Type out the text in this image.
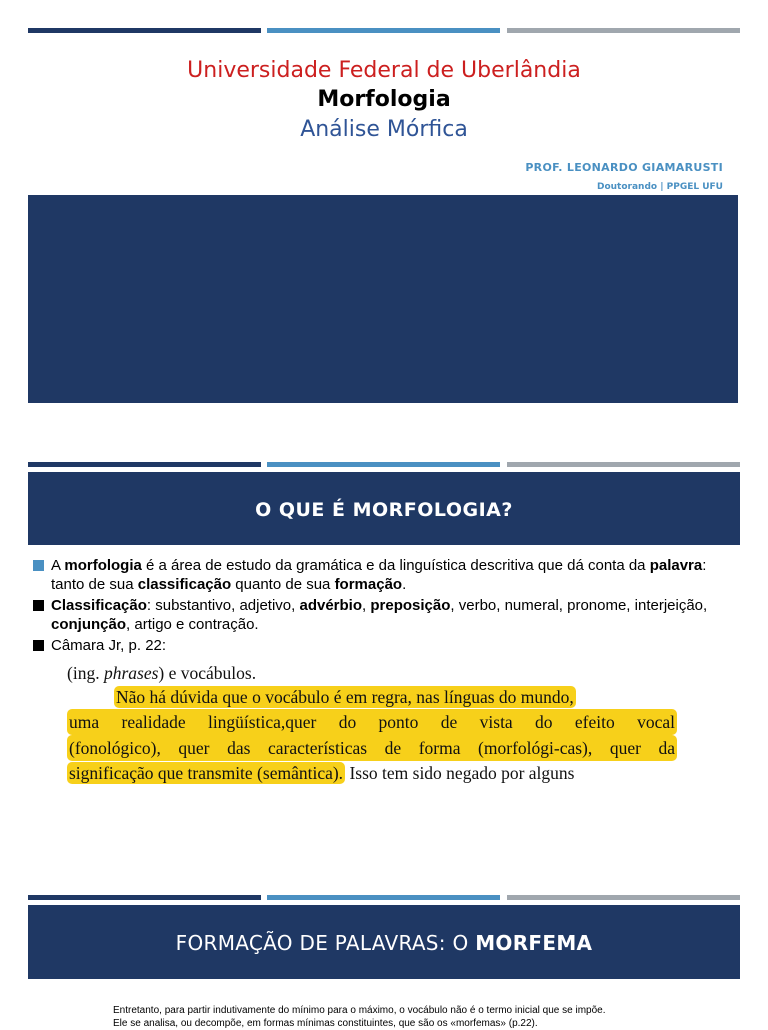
Universidade Federal de Uberlândia
Morfologia
Análise Mórfica
PROF. LEONARDO GIAMARUSTI
Doutorando | PPGEL UFU
O QUE É MORFOLOGIA?
A morfologia é a área de estudo da gramática e da linguística descritiva que dá conta da palavra: tanto de sua classificação quanto de sua formação.
Classificação: substantivo, adjetivo, advérbio, preposição, verbo, numeral, pronome, interjeição, conjunção, artigo e contração.
Câmara Jr, p. 22:
(ing. phrases) e vocábulos.
Não há dúvida que o vocábulo é em regra, nas línguas do mundo,
uma realidade lingüística,quer do ponto de vista do efeito vocal
(fonológico), quer das características de forma (morfológi-cas), quer da
significação que transmite (semântica). Isso tem sido negado por alguns
FORMAÇÃO DE PALAVRAS: O MORFEMA
Entretanto, para partir indutivamente do mínimo para o máximo, o vocábulo não é o termo inicial que se impõe.
Ele se analisa, ou decompõe, em formas mínimas constituintes, que são os «morfemas» (p.22).
